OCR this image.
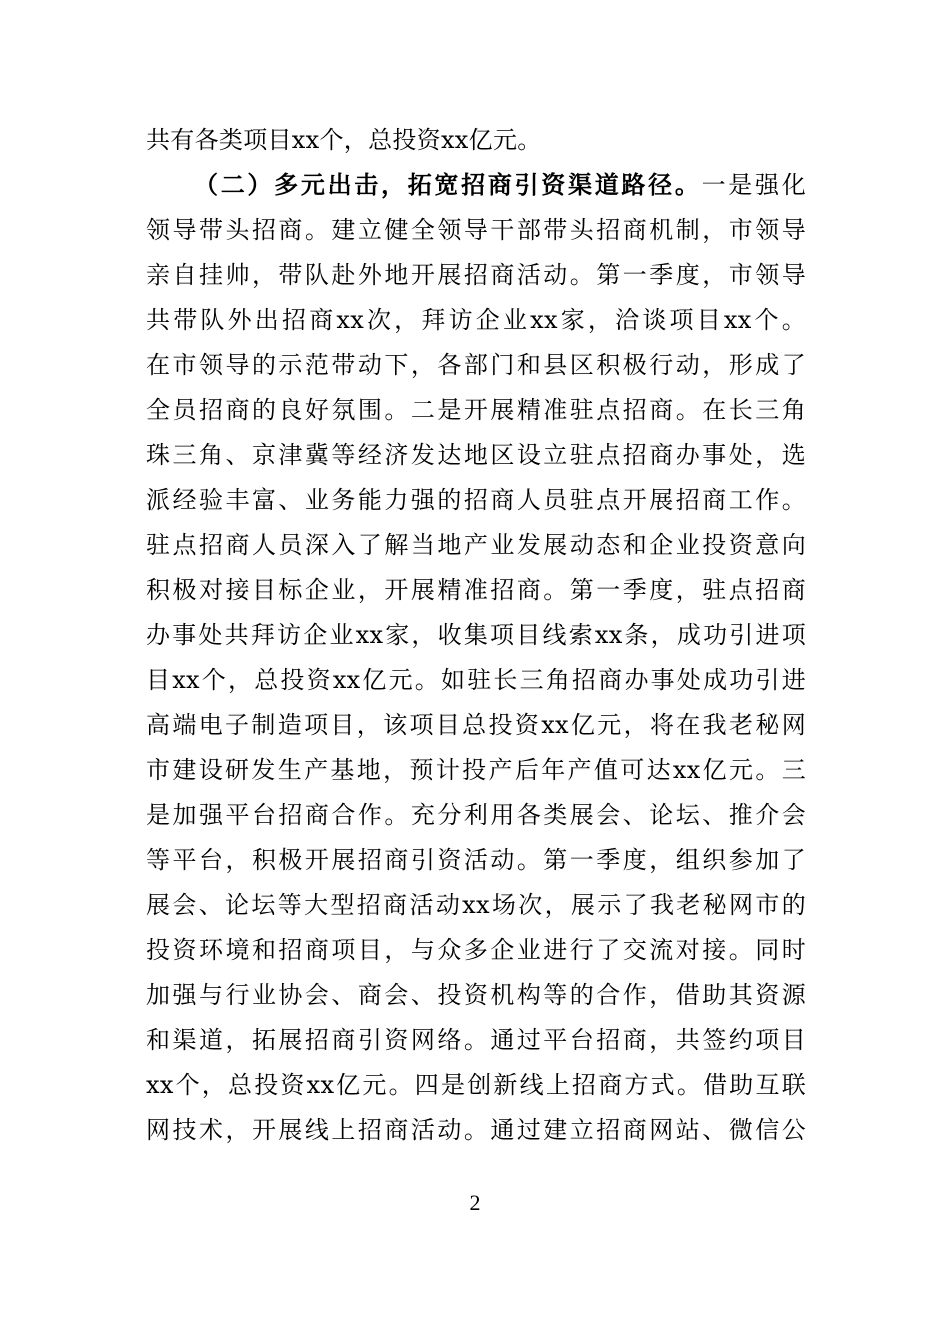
共有各类项目xx个，总投资xx亿元。
（二）多元出击，拓宽招商引资渠道路径。一是强化
领导带头招商。建立健全领导干部带头招商机制，市领导
亲自挂帅，带队赴外地开展招商活动。第一季度，市领导
共带队外出招商xx次，拜访企业xx家，洽谈项目xx个。
在市领导的示范带动下，各部门和县区积极行动，形成了
全员招商的良好氛围。二是开展精准驻点招商。在长三角
珠三角、京津冀等经济发达地区设立驻点招商办事处，选
派经验丰富、业务能力强的招商人员驻点开展招商工作。
驻点招商人员深入了解当地产业发展动态和企业投资意向
积极对接目标企业，开展精准招商。第一季度，驻点招商
办事处共拜访企业xx家，收集项目线索xx条，成功引进项
目xx个，总投资xx亿元。如驻长三角招商办事处成功引进
高端电子制造项目，该项目总投资xx亿元，将在我老秘网
市建设研发生产基地，预计投产后年产值可达xx亿元。三
是加强平台招商合作。充分利用各类展会、论坛、推介会
等平台，积极开展招商引资活动。第一季度，组织参加了
展会、论坛等大型招商活动xx场次，展示了我老秘网市的
投资环境和招商项目，与众多企业进行了交流对接。同时
加强与行业协会、商会、投资机构等的合作，借助其资源
和渠道，拓展招商引资网络。通过平台招商，共签约项目
xx个，总投资xx亿元。四是创新线上招商方式。借助互联
网技术，开展线上招商活动。通过建立招商网站、微信公
2
